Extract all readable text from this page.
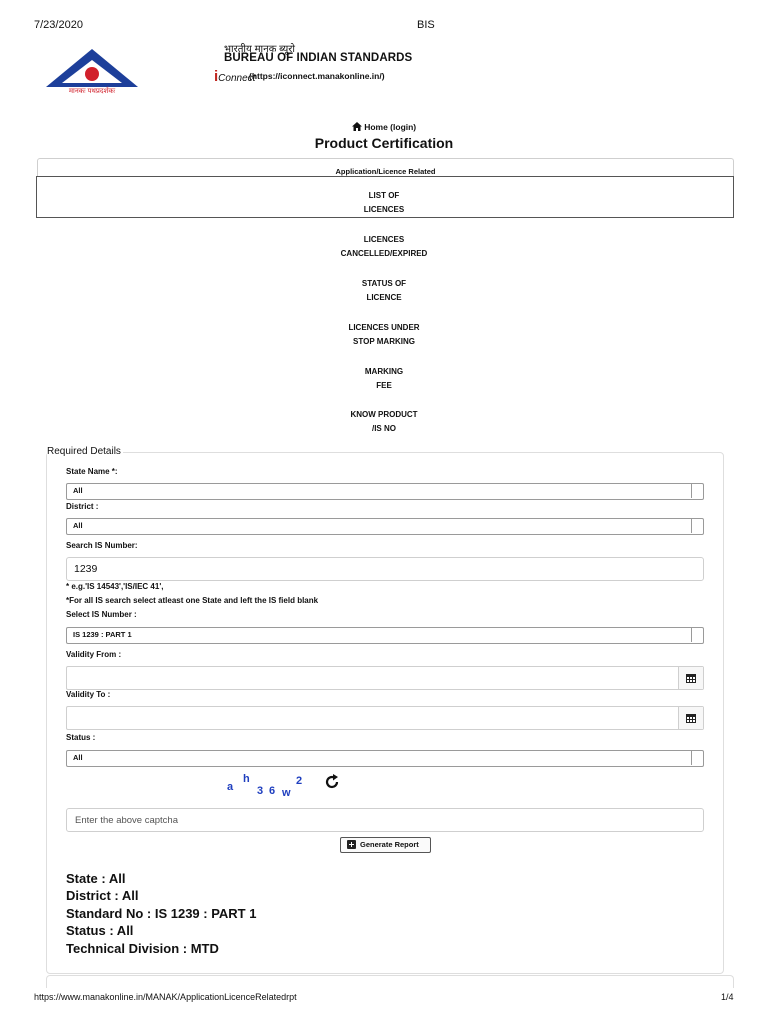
7/23/2020	BIS
मानकः पथप्रदर्शकः
भारतीय मानक ब्यूरो
BUREAU OF INDIAN STANDARDS
iConnect
(https://iconnect.manakonline.in/)
Home (login)
Product Certification
Application/Licence Related
LIST OF
LICENCES
LICENCES
CANCELLED/EXPIRED
STATUS OF
LICENCE
LICENCES UNDER
STOP MARKING
MARKING
FEE
KNOW PRODUCT
/IS NO
Required Details
State Name *:
All
District :
All
Search IS Number:
1239
* e.g.'IS 14543','IS/IEC 41',
*For all IS search select atleast one State and left the IS field blank
Select IS Number :
IS 1239 : PART 1
Validity From :
Validity To :
Status :
All
a
h
3 6 w
2
Enter the above captcha
Generate Report
State : All
District : All
Standard No : IS 1239 : PART 1
Status : All
Technical Division : MTD
https://www.manakonline.in/MANAK/ApplicationLicenceRelatedrpt	1/4
